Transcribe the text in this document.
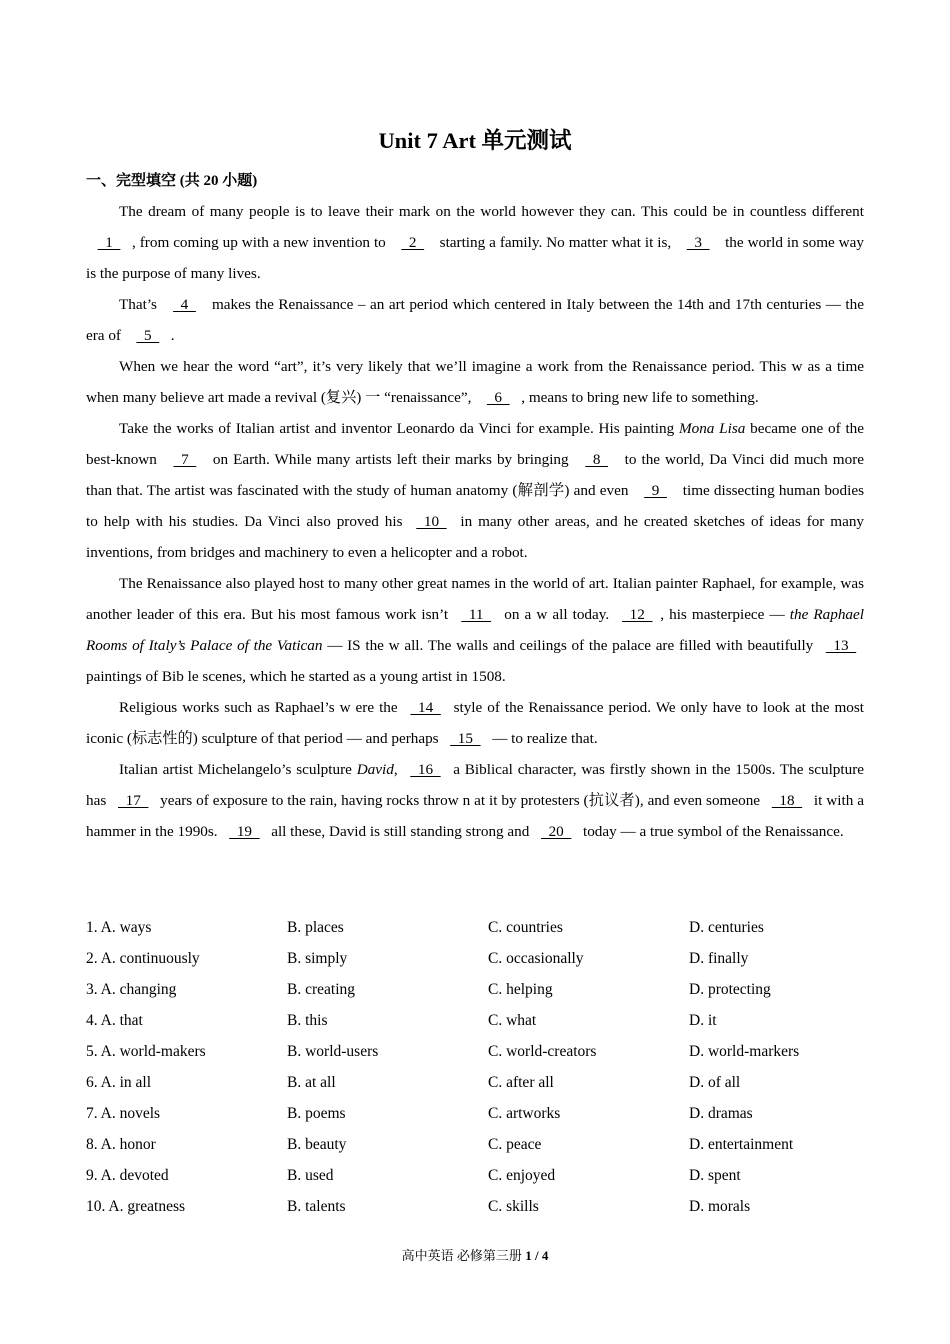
Unit 7 Art 单元测试
一、完型填空 (共 20 小题)

The dream of many people is to leave their mark on the world however they can. This could be in countless different   1  , from coming up with a new invention to   2   starting a family. No matter what it is,   3   the world in some way is the purpose of many lives.

That’s   4   makes the Renaissance – an art period which centered in Italy between the 14th and 17th centuries — the era of   5  .

When we hear the word “art”, it’s very likely that we’ll imagine a work from the Renaissance period. This w as a time when many believe art made a revival (复兴) 一 “renaissance”,   6  , means to bring new life to something.

Take the works of Italian artist and inventor Leonardo da Vinci for example. His painting Mona Lisa became one of the best-known   7   on Earth. While many artists left their marks by bringing   8   to the world, Da Vinci did much more than that. The artist was fascinated with the study of human anatomy (解剖学) and even   9   time dissecting human bodies to help with his studies. Da Vinci also proved his   10   in many other areas, and he created sketches of ideas for many inventions, from bridges and machinery to even a helicopter and a robot.

The Renaissance also played host to many other great names in the world of art. Italian painter Raphael, for example, was another leader of this era. But his most famous work isn’t   11   on a w all today.   12  , his masterpiece — the Raphael Rooms of Italy’s Palace of the Vatican — IS the w all. The walls and ceilings of the palace are filled with beautifully   13   paintings of Bib le scenes, which he started as a young artist in 1508.

Religious works such as Raphael’s w ere the   14   style of the Renaissance period. We only have to look at the most iconic (标志性的) sculpture of that period — and perhaps   15   — to realize that.

Italian artist Michelangelo’s sculpture David,   16   a Biblical character, was firstly shown in the 1500s. The sculpture has   17   years of exposure to the rain, having rocks throw n at it by protesters (抗议者), and even someone   18   it with a hammer in the 1990s.   19   all these, David is still standing strong and   20   today — a true symbol of the Renaissance.

1. A. ways	B. places	C. countries	D. centuries
2. A. continuously	B. simply	C. occasionally	D. finally
3. A. changing	B. creating	C. helping	D. protecting
4. A. that	B. this	C. what	D. it
5. A. world-makers	B. world-users	C. world-creators	D. world-markers
6. A. in all	B. at all	C. after all	D. of all
7. A. novels	B. poems	C. artworks	D. dramas
8. A. honor	B. beauty	C. peace	D. entertainment
9. A. devoted	B. used	C. enjoyed	D. spent
10. A. greatness	B. talents	C. skills	D. morals
高中英语 必修第三册 1 / 4
